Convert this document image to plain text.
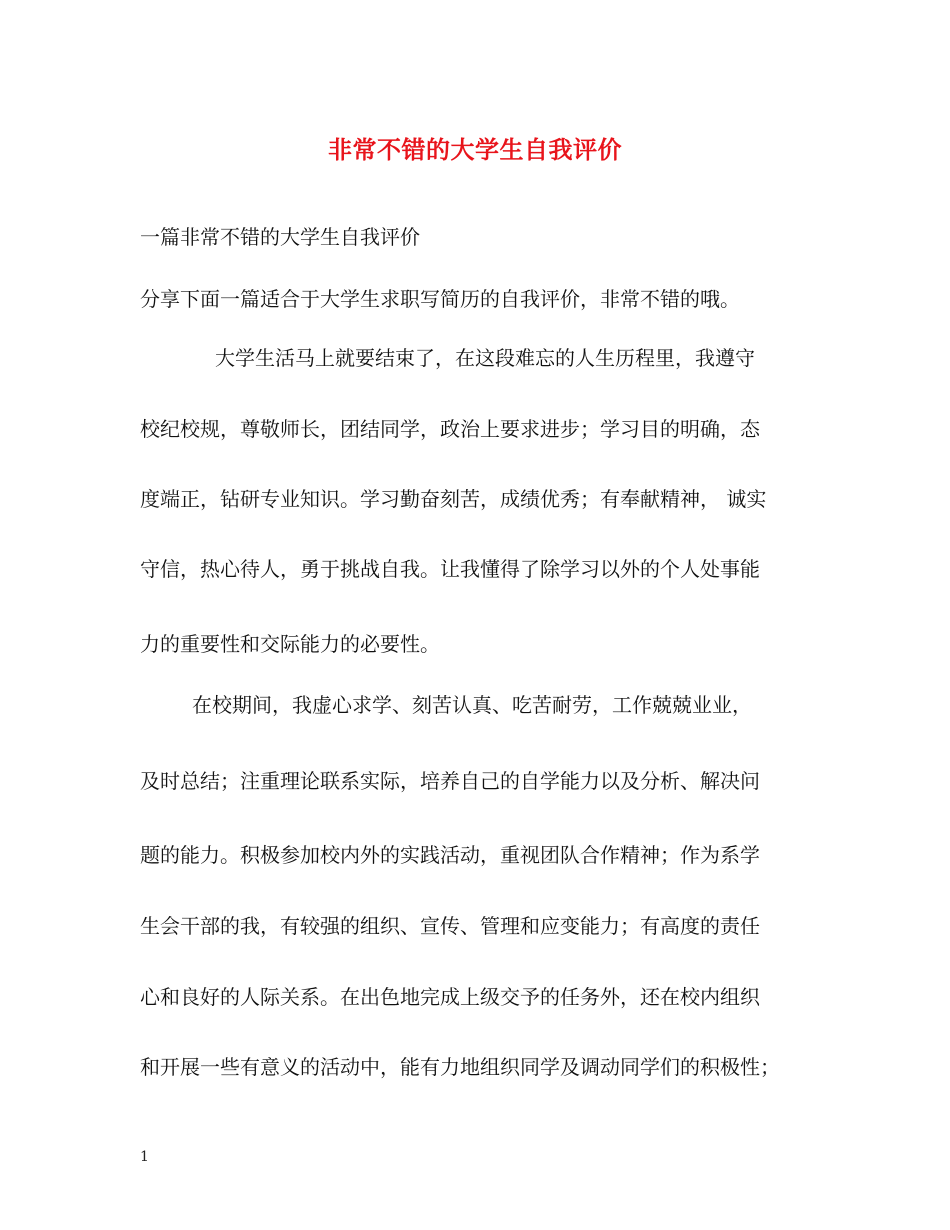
非常不错的大学生自我评价
一篇非常不错的大学生自我评价
分享下面一篇适合于大学生求职写简历的自我评价，非常不错的哦。
大学生活马上就要结束了，在这段难忘的人生历程里，我遵守
校纪校规，尊敬师长，团结同学，政治上要求进步；学习目的明确，态
度端正，钻研专业知识。学习勤奋刻苦，成绩优秀；有奉献精神， 诚实
守信，热心待人，勇于挑战自我。让我懂得了除学习以外的个人处事能
力的重要性和交际能力的必要性。
在校期间，我虚心求学、刻苦认真、吃苦耐劳，工作兢兢业业，
及时总结；注重理论联系实际，培养自己的自学能力以及分析、解决问
题的能力。积极参加校内外的实践活动，重视团队合作精神；作为系学
生会干部的我，有较强的组织、宣传、管理和应变能力；有高度的责任
心和良好的人际关系。在出色地完成上级交予的任务外，还在校内组织
和开展一些有意义的活动中，能有力地组织同学及调动同学们的积极性；
1
